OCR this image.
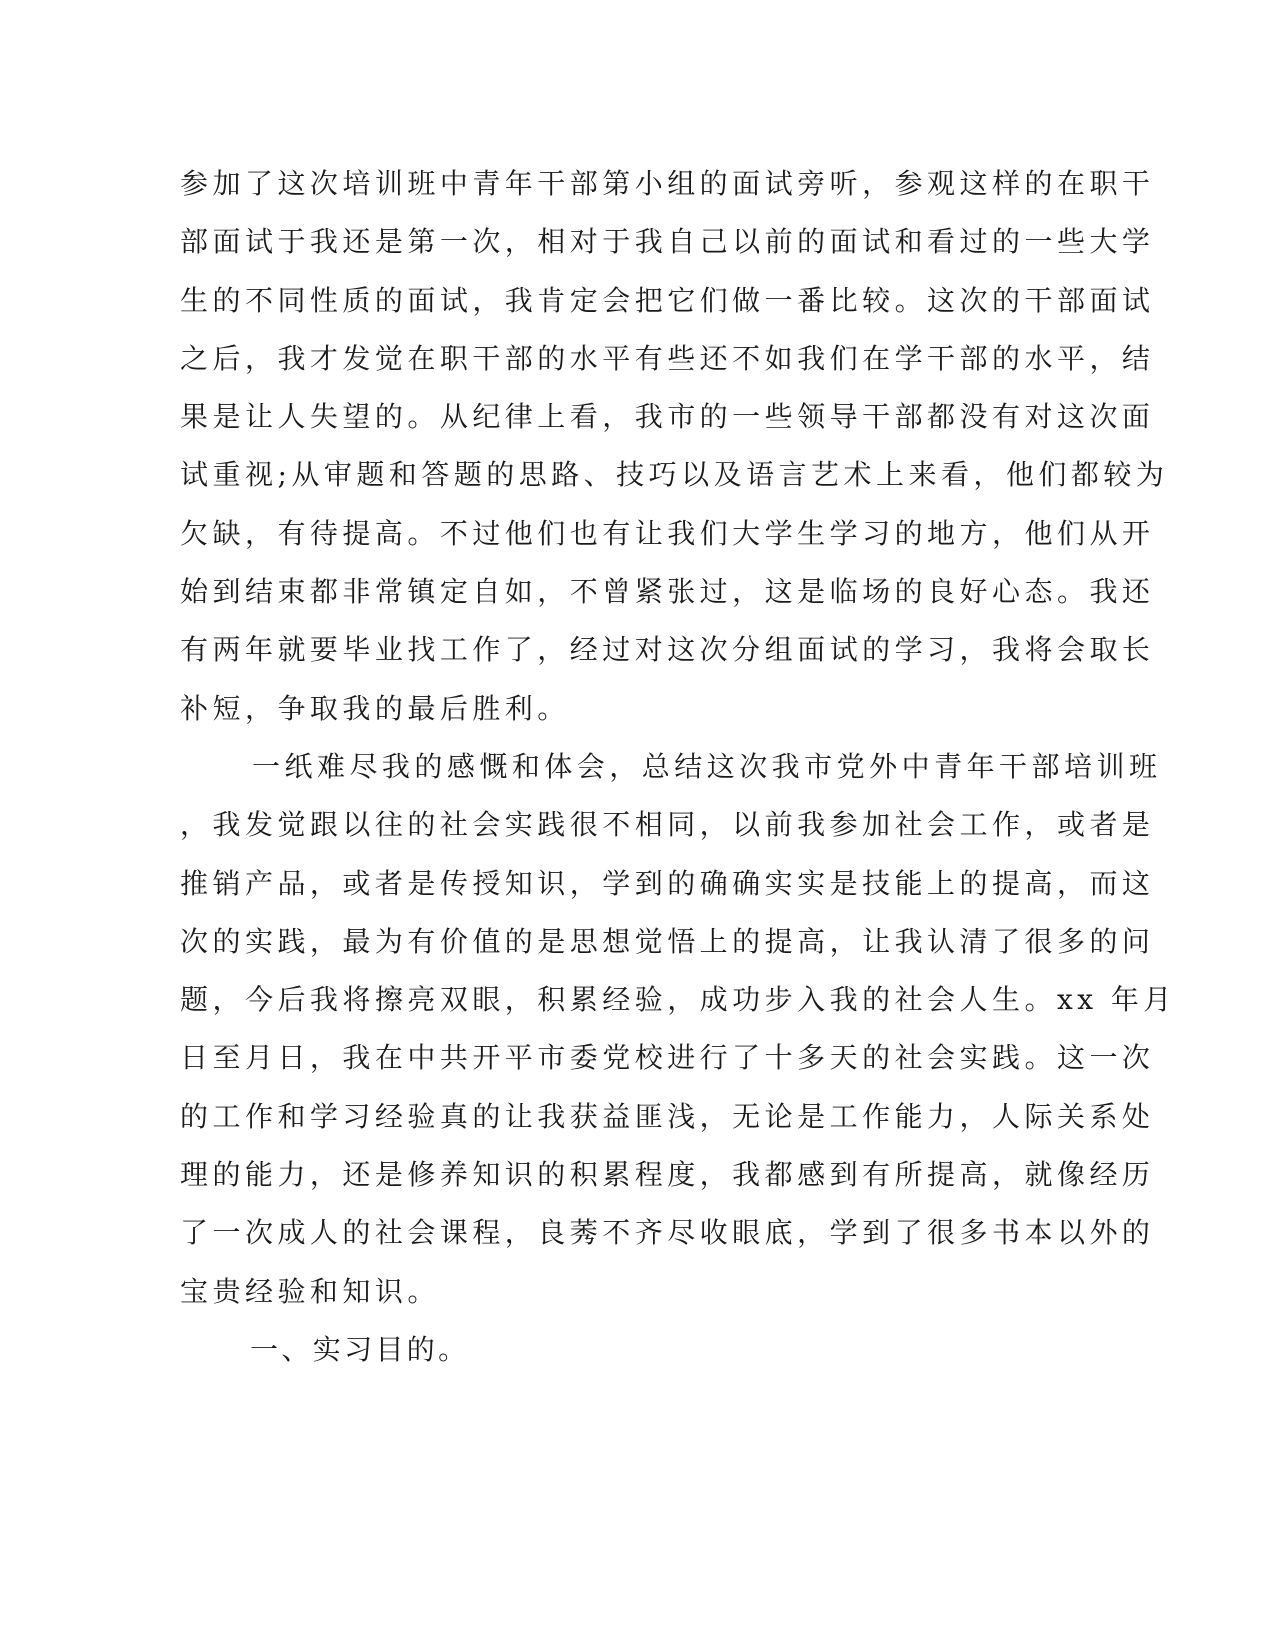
参加了这次培训班中青年干部第小组的面试旁听，参观这样的在职干
部面试于我还是第一次，相对于我自己以前的面试和看过的一些大学
生的不同性质的面试，我肯定会把它们做一番比较。这次的干部面试
之后，我才发觉在职干部的水平有些还不如我们在学干部的水平，结
果是让人失望的。从纪律上看，我市的一些领导干部都没有对这次面
试重视;从审题和答题的思路、技巧以及语言艺术上来看，他们都较为
欠缺，有待提高。不过他们也有让我们大学生学习的地方，他们从开
始到结束都非常镇定自如，不曾紧张过，这是临场的良好心态。我还
有两年就要毕业找工作了，经过对这次分组面试的学习，我将会取长
补短，争取我的最后胜利。
一纸难尽我的感慨和体会，总结这次我市党外中青年干部培训班
，我发觉跟以往的社会实践很不相同，以前我参加社会工作，或者是
推销产品，或者是传授知识，学到的确确实实是技能上的提高，而这
次的实践，最为有价值的是思想觉悟上的提高，让我认清了很多的问
题，今后我将擦亮双眼，积累经验，成功步入我的社会人生。xx 年月
日至月日，我在中共开平市委党校进行了十多天的社会实践。这一次
的工作和学习经验真的让我获益匪浅，无论是工作能力，人际关系处
理的能力，还是修养知识的积累程度，我都感到有所提高，就像经历
了一次成人的社会课程，良莠不齐尽收眼底，学到了很多书本以外的
宝贵经验和知识。
一、实习目的。
